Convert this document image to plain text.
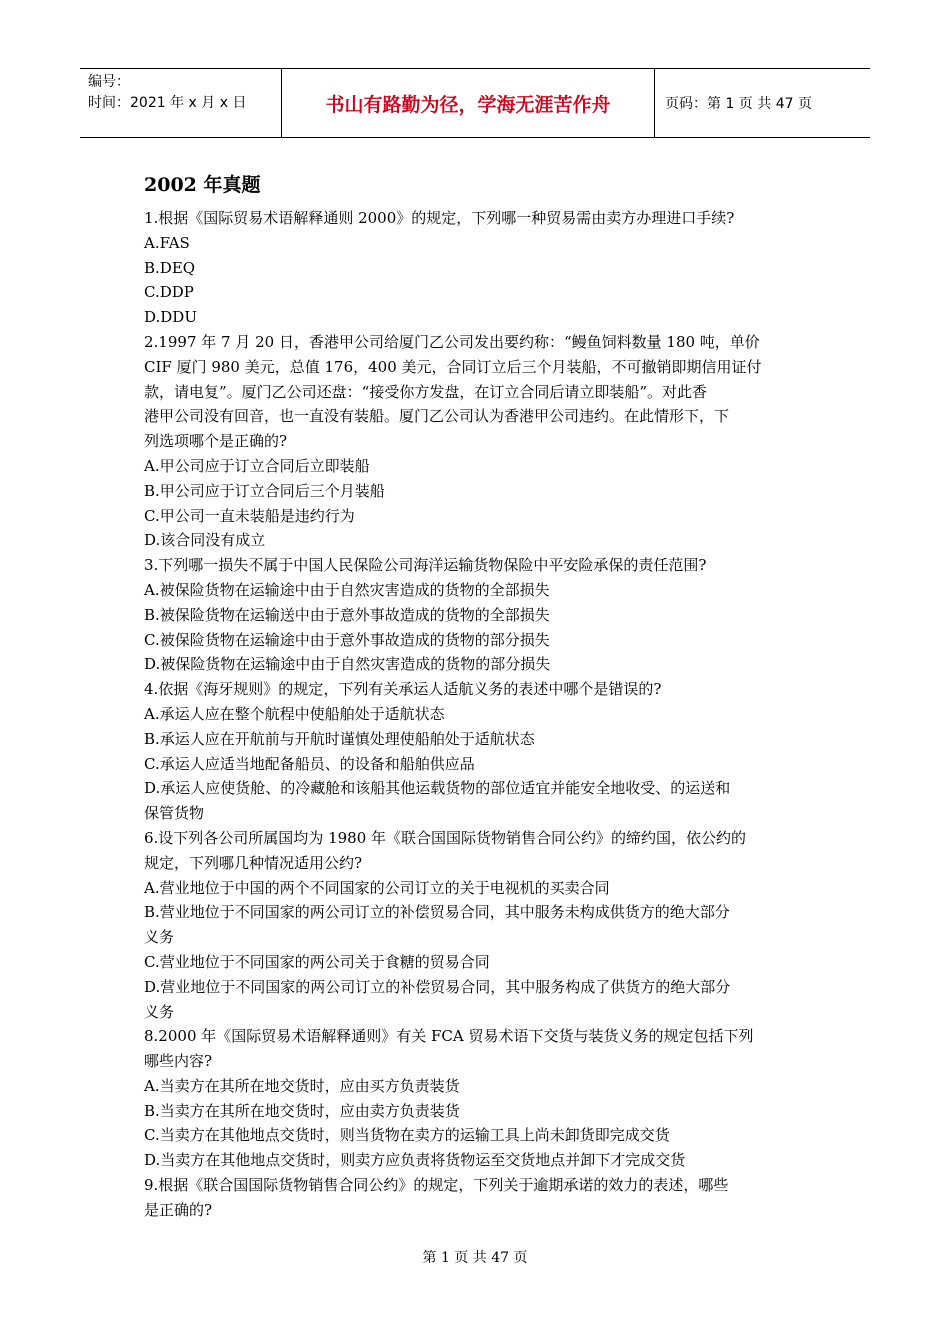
编号：
时间：2021 年 x 月 x 日	书山有路勤为径，学海无涯苦作舟	页码：第 1 页 共 47 页
2002 年真题

1.根据《国际贸易术语解释通则 2000》的规定，下列哪一种贸易需由卖方办理进口手续?

A.FAS

B.DEQ

C.DDP

D.DDU

2.1997 年 7 月 20 日，香港甲公司给厦门乙公司发出要约称：“鳗鱼饲料数量 180 吨，单价

CIF 厦门 980 美元，总值 176，400 美元，合同订立后三个月装船，不可撤销即期信用证付

款，请电复”。厦门乙公司还盘：“接受你方发盘，在订立合同后请立即装船”。对此香

港甲公司没有回音，也一直没有装船。厦门乙公司认为香港甲公司违约。在此情形下，下

列选项哪个是正确的?

A.甲公司应于订立合同后立即装船

B.甲公司应于订立合同后三个月装船

C.甲公司一直未装船是违约行为

D.该合同没有成立

3.下列哪一损失不属于中国人民保险公司海洋运输货物保险中平安险承保的责任范围?

A.被保险货物在运输途中由于自然灾害造成的货物的全部损失

B.被保险货物在运输送中由于意外事故造成的货物的全部损失

C.被保险货物在运输途中由于意外事故造成的货物的部分损失

D.被保险货物在运输途中由于自然灾害造成的货物的部分损失

4.依据《海牙规则》的规定，下列有关承运人适航义务的表述中哪个是错误的?

A.承运人应在整个航程中使船舶处于适航状态

B.承运人应在开航前与开航时谨慎处理使船舶处于适航状态

C.承运人应适当地配备船员、的设备和船舶供应品

D.承运人应使货舱、的冷藏舱和该船其他运载货物的部位适宜并能安全地收受、的运送和

保管货物

6.设下列各公司所属国均为 1980 年《联合国国际货物销售合同公约》的缔约国，依公约的

规定，下列哪几种情况适用公约?

A.营业地位于中国的两个不同国家的公司订立的关于电视机的买卖合同

B.营业地位于不同国家的两公司订立的补偿贸易合同，其中服务未构成供货方的绝大部分

义务

C.营业地位于不同国家的两公司关于食糖的贸易合同

D.营业地位于不同国家的两公司订立的补偿贸易合同，其中服务构成了供货方的绝大部分

义务

8.2000 年《国际贸易术语解释通则》有关 FCA 贸易术语下交货与装货义务的规定包括下列

哪些内容?

A.当卖方在其所在地交货时，应由买方负责装货

B.当卖方在其所在地交货时，应由卖方负责装货

C.当卖方在其他地点交货时，则当货物在卖方的运输工具上尚未卸货即完成交货

D.当卖方在其他地点交货时，则卖方应负责将货物运至交货地点并卸下才完成交货

9.根据《联合国国际货物销售合同公约》的规定，下列关于逾期承诺的效力的表述，哪些

是正确的?

第 1 页 共 47 页
